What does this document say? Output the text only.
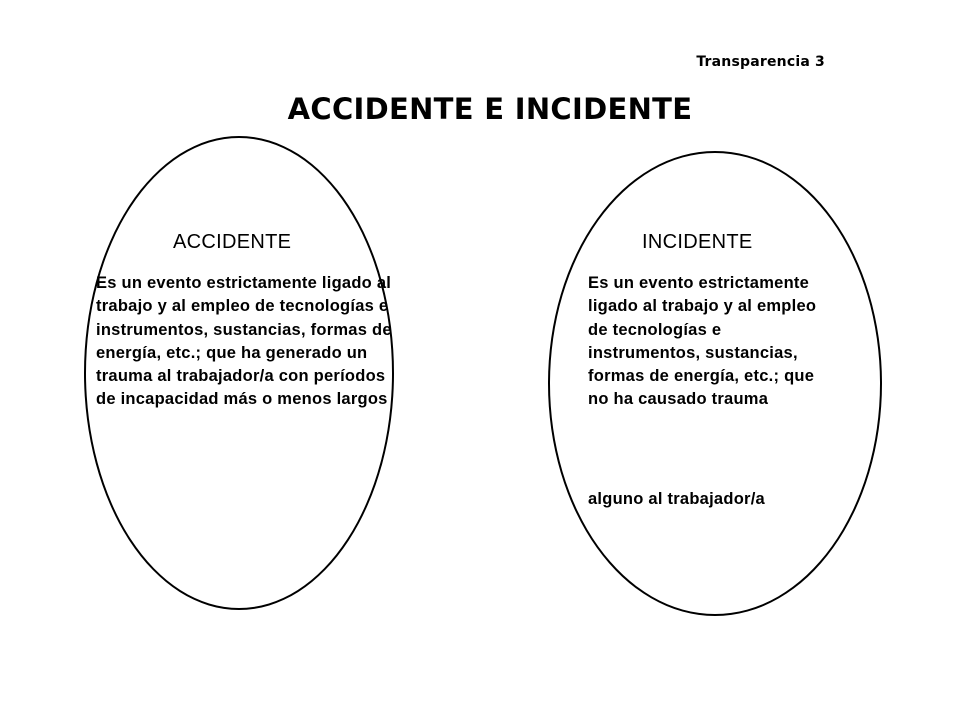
Transparencia 3
ACCIDENTE E INCIDENTE
ACCIDENTE
Es un evento estrictamente ligado al trabajo y al empleo de tecnologías e instrumentos, sustancias, formas de energía, etc.; que ha generado un trauma al trabajador/a con períodos de incapacidad más o menos largos
INCIDENTE
Es un evento estrictamente ligado al trabajo y al empleo de tecnologías e instrumentos, sustancias, formas de energía, etc.; que no ha causado trauma
alguno al trabajador/a
